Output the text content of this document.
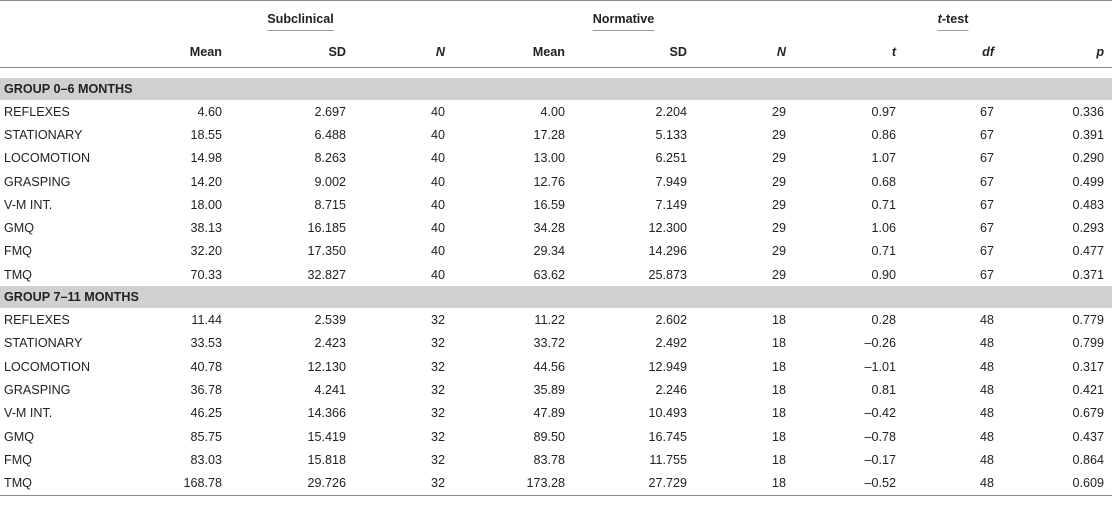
	Subclinical			Normative			t-test		
	Mean	SD	N	Mean	SD	N	t	df	p

GROUP 0–6 MONTHS									
REFLEXES	4.60	2.697	40	4.00	2.204	29	0.97	67	0.336
STATIONARY	18.55	6.488	40	17.28	5.133	29	0.86	67	0.391
LOCOMOTION	14.98	8.263	40	13.00	6.251	29	1.07	67	0.290
GRASPING	14.20	9.002	40	12.76	7.949	29	0.68	67	0.499
V-M INT.	18.00	8.715	40	16.59	7.149	29	0.71	67	0.483
GMQ	38.13	16.185	40	34.28	12.300	29	1.06	67	0.293
FMQ	32.20	17.350	40	29.34	14.296	29	0.71	67	0.477
TMQ	70.33	32.827	40	63.62	25.873	29	0.90	67	0.371
GROUP 7–11 MONTHS									
REFLEXES	11.44	2.539	32	11.22	2.602	18	0.28	48	0.779
STATIONARY	33.53	2.423	32	33.72	2.492	18	–0.26	48	0.799
LOCOMOTION	40.78	12.130	32	44.56	12.949	18	–1.01	48	0.317
GRASPING	36.78	4.241	32	35.89	2.246	18	0.81	48	0.421
V-M INT.	46.25	14.366	32	47.89	10.493	18	–0.42	48	0.679
GMQ	85.75	15.419	32	89.50	16.745	18	–0.78	48	0.437
FMQ	83.03	15.818	32	83.78	11.755	18	–0.17	48	0.864
TMQ	168.78	29.726	32	173.28	27.729	18	–0.52	48	0.609
